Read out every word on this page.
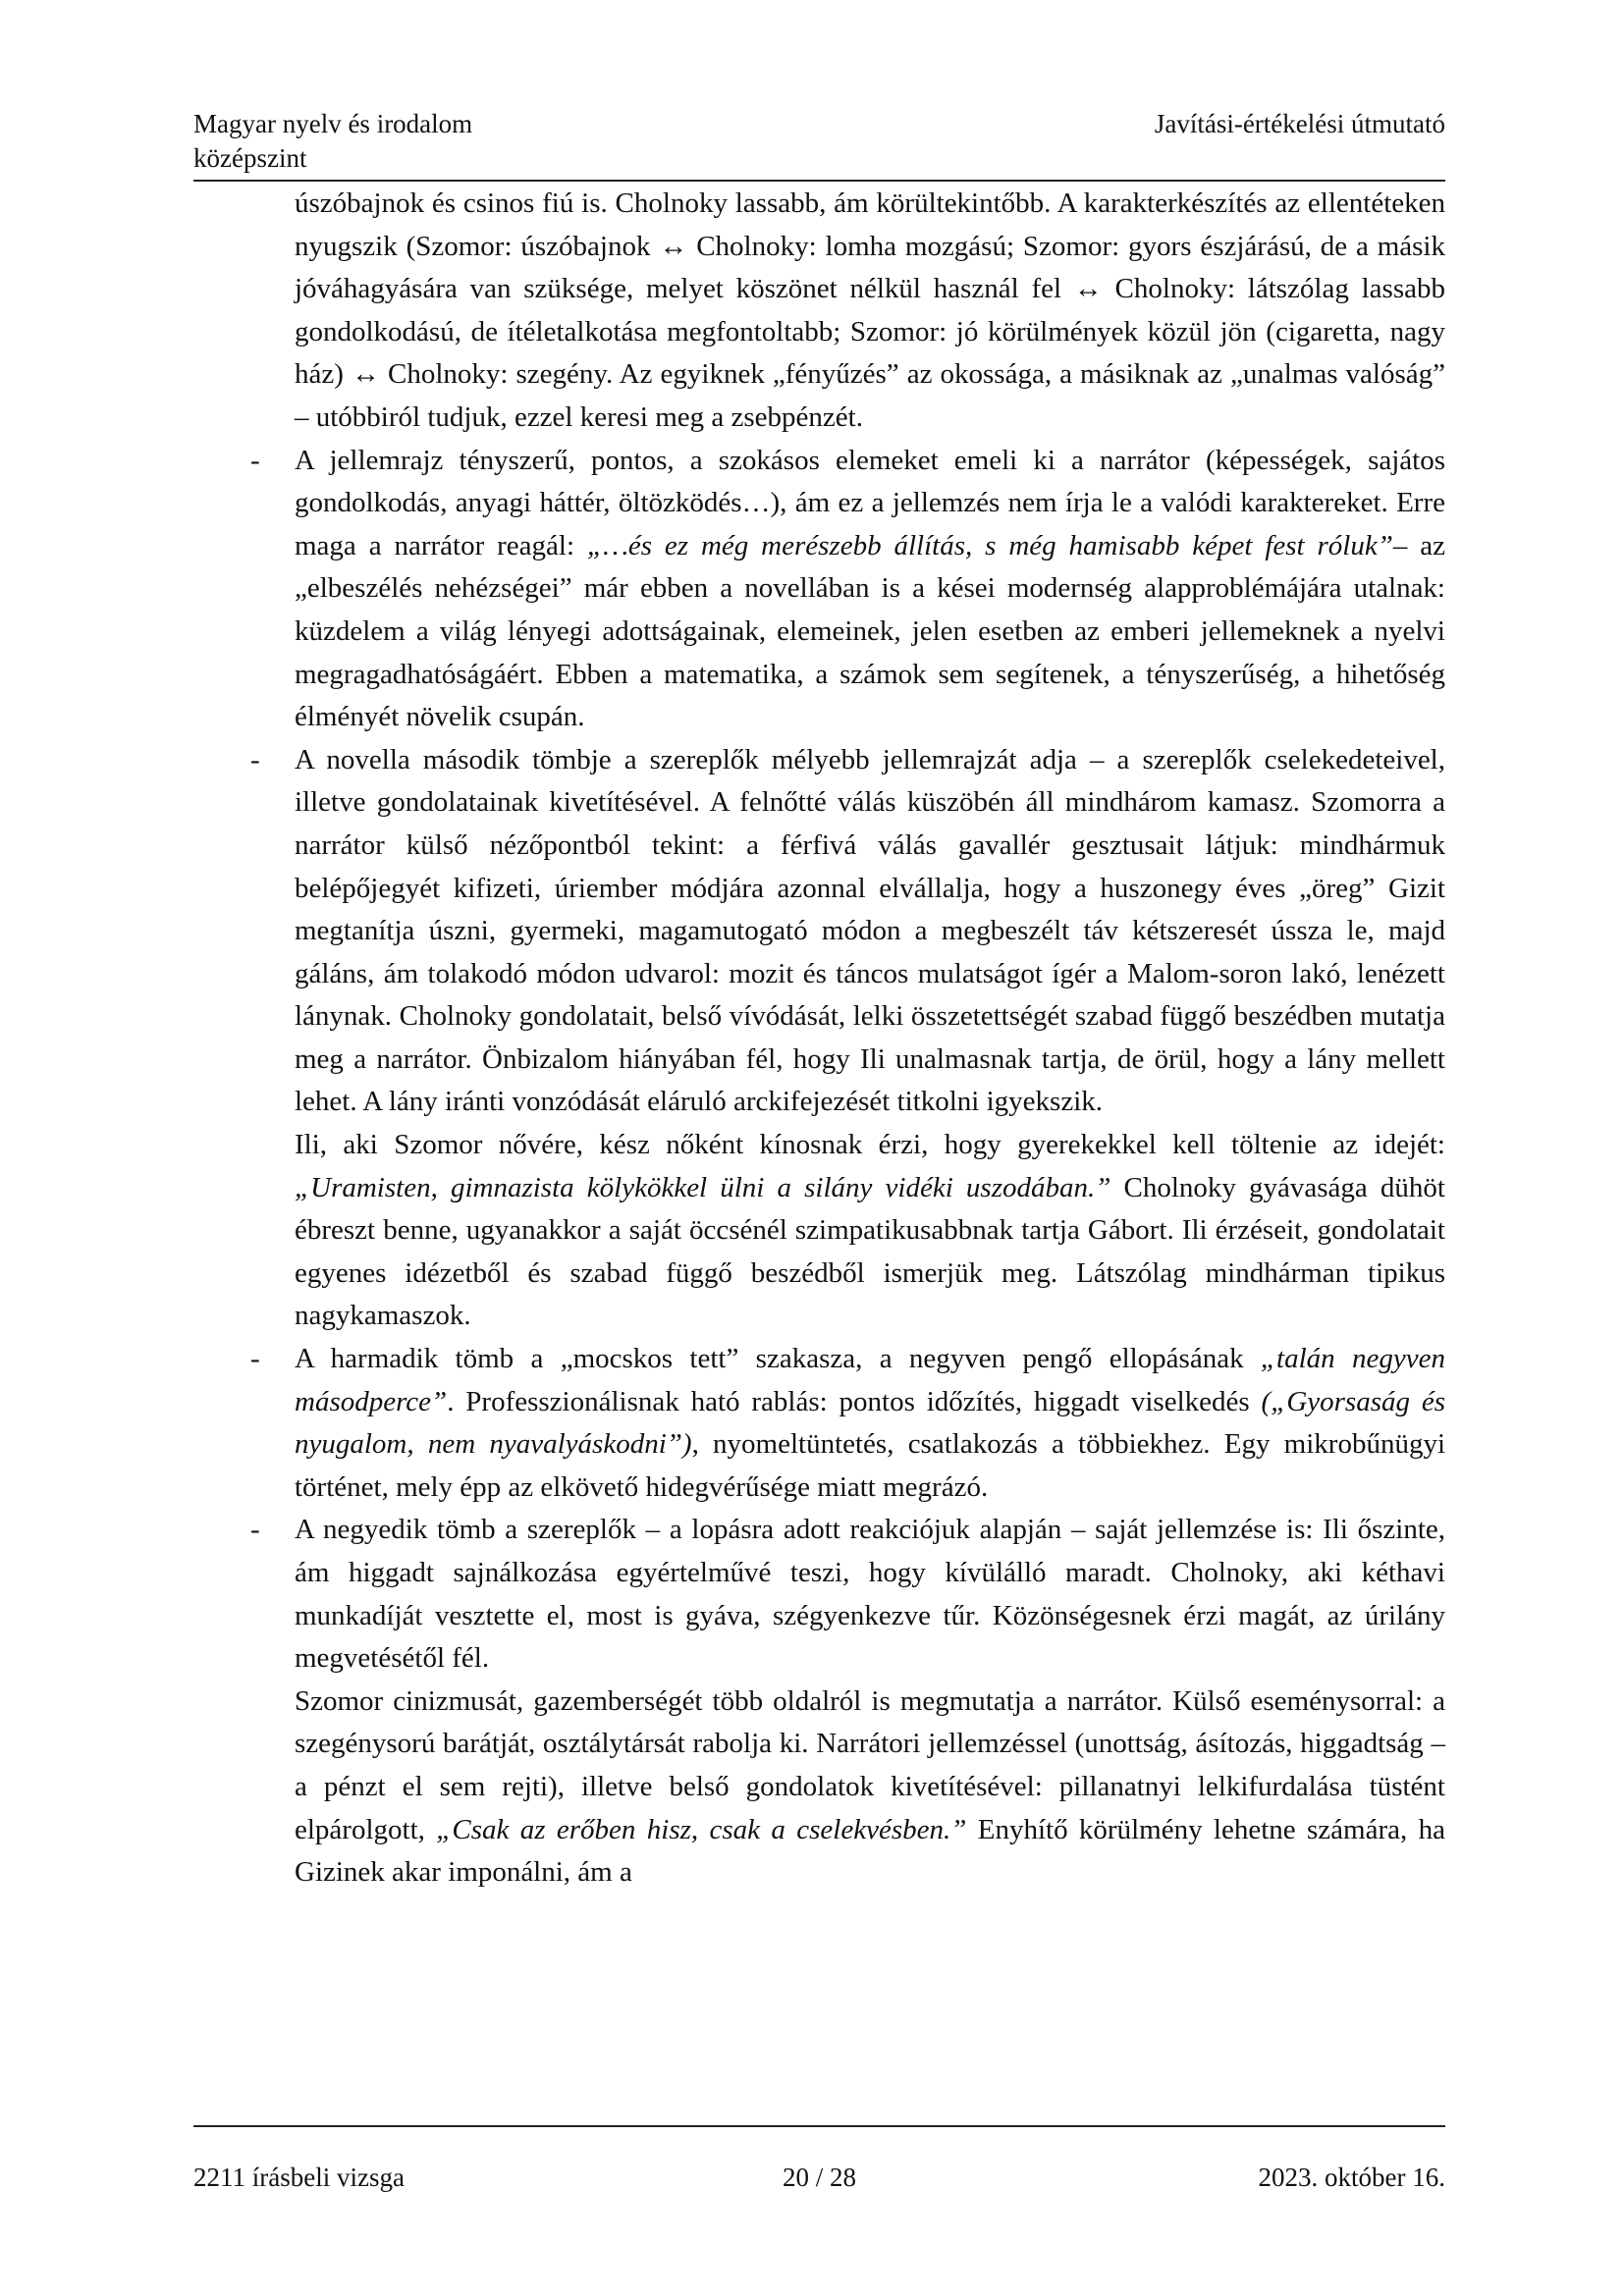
Magyar nyelv és irodalom
középszint
Javítási-értékelési útmutató

úszóbajnok és csinos fiú is. Cholnoky lassabb, ám körültekintőbb. A karakterkészítés az ellentéteken nyugszik (Szomor: úszóbajnok ↔ Cholnoky: lomha mozgású; Szomor: gyors észjárású, de a másik jóváhagyására van szüksége, melyet köszönet nélkül használ fel ↔ Cholnoky: látszólag lassabb gondolkodású, de ítéletalkotása megfontoltabb; Szomor: jó körülmények közül jön (cigaretta, nagy ház) ↔ Cholnoky: szegény. Az egyiknek „fényűzés” az okossága, a másiknak az „unalmas valóság” – utóbbiról tudjuk, ezzel keresi meg a zsebpénzét.

- A jellemrajz tényszerű, pontos, a szokásos elemeket emeli ki a narrátor (képességek, sajátos gondolkodás, anyagi háttér, öltözködés…), ám ez a jellemzés nem írja le a valódi karaktereket. Erre maga a narrátor reagál: „…és ez még merészebb állítás, s még hamisabb képet fest róluk”– az „elbeszélés nehézségei” már ebben a novellában is a kései modernség alapproblémájára utalnak: küzdelem a világ lényegi adottságainak, elemeinek, jelen esetben az emberi jellemeknek a nyelvi megragadhatóságáért. Ebben a matematika, a számok sem segítenek, a tényszerűség, a hihetőség élményét növelik csupán.

- A novella második tömbje a szereplők mélyebb jellemrajzát adja – a szereplők cselekedeteivel, illetve gondolatainak kivetítésével. A felnőtté válás küszöbén áll mindhárom kamasz. Szomorra a narrátor külső nézőpontból tekint: a férfivá válás gavallér gesztusait látjuk: mindhármuk belépőjegyét kifizeti, úriember módjára azonnal elvállalja, hogy a huszonegy éves „öreg” Gizit megtanítja úszni, gyermeki, magamutogató módon a megbeszélt táv kétszeresét ússza le, majd gáláns, ám tolakodó módon udvarol: mozit és táncos mulatságot ígér a Malom-soron lakó, lenézett lánynak. Cholnoky gondolatait, belső vívódását, lelki összetettségét szabad függő beszédben mutatja meg a narrátor. Önbizalom hiányában fél, hogy Ili unalmasnak tartja, de örül, hogy a lány mellett lehet. A lány iránti vonzódását eláruló arckifejezését titkolni igyekszik.

Ili, aki Szomor nővére, kész nőként kínosnak érzi, hogy gyerekekkel kell töltenie az idejét: „Uramisten, gimnazista kölykökkel ülni a silány vidéki uszodában.” Cholnoky gyávasága dühöt ébreszt benne, ugyanakkor a saját öccsénél szimpatikusabbnak tartja Gábort. Ili érzéseit, gondolatait egyenes idézetből és szabad függő beszédből ismerjük meg. Látszólag mindhárman tipikus nagykamaszok.

- A harmadik tömb a „mocskos tett” szakasza, a negyven pengő ellopásának „talán negyven másodperce”. Professzionálisnak ható rablás: pontos időzítés, higgadt viselkedés („Gyorsaság és nyugalom, nem nyavalyáskodni”), nyomeltüntetés, csatlakozás a többiekhez. Egy mikrobűnügyi történet, mely épp az elkövető hidegvérűsége miatt megrázó.

- A negyedik tömb a szereplők – a lopásra adott reakciójuk alapján – saját jellemzése is: Ili őszinte, ám higgadt sajnálkozása egyértelművé teszi, hogy kívülálló maradt. Cholnoky, aki kéthavi munkadíját vesztette el, most is gyáva, szégyenkezve tűr. Közönségesnek érzi magát, az úrilány megvetésétől fél.

Szomor cinizmusát, gazemberségét több oldalról is megmutatja a narrátor. Külső eseménysorral: a szegénysorú barátját, osztálytársát rabolja ki. Narrátori jellemzéssel (unottság, ásítozás, higgadtság – a pénzt el sem rejti), illetve belső gondolatok kivetítésével: pillanatnyi lelkifurdalása tüstént elpárolgott, „Csak az erőben hisz, csak a cselekvésben.” Enyhítő körülmény lehetne számára, ha Gizinek akar imponálni, ám a

2211 írásbeli vizsga	20 / 28	2023. október 16.
